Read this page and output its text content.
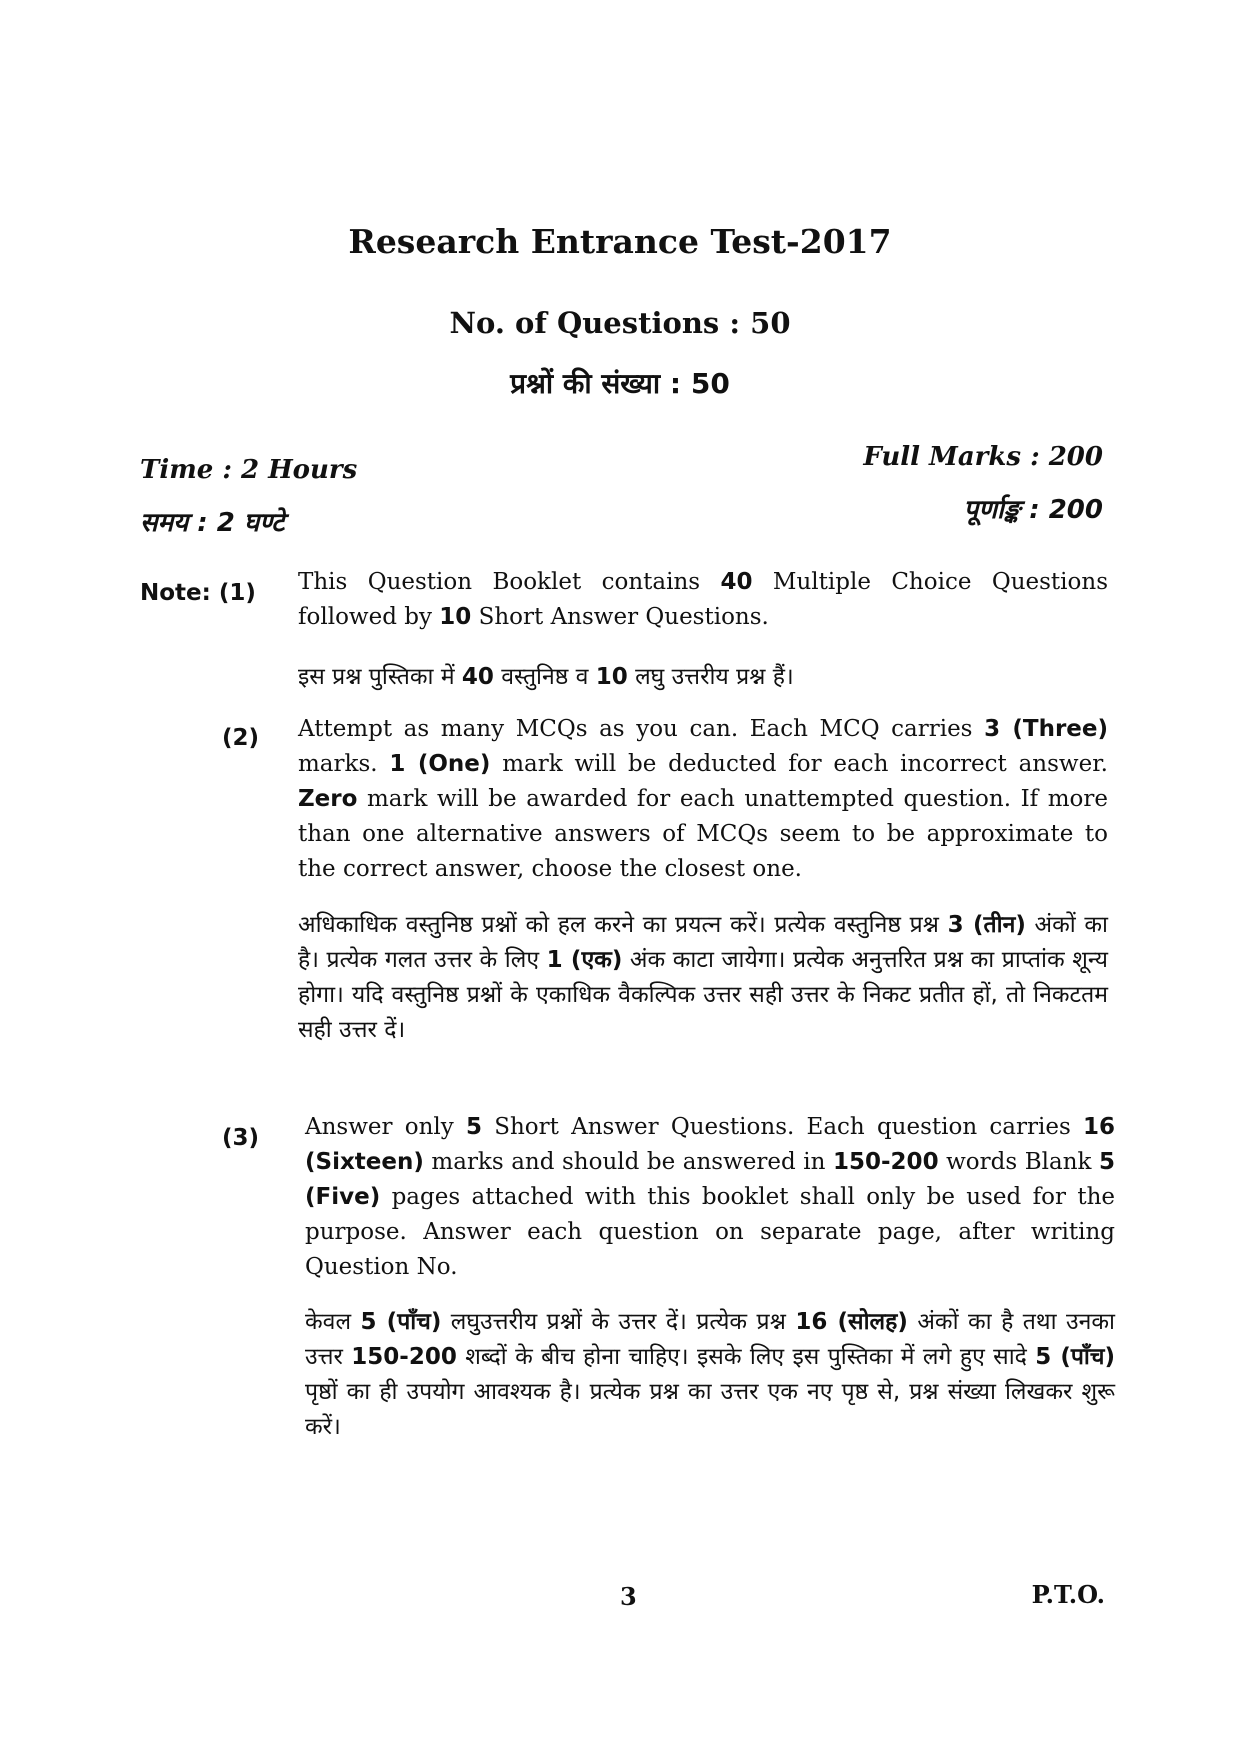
Research Entrance Test-2017
No. of Questions : 50
प्रश्नों की संख्या : 50
Time : 2 Hours
समय : 2 घण्टे
Full Marks : 200
पूर्णाङ्क : 200
Note: (1) This Question Booklet contains 40 Multiple Choice Questions followed by 10 Short Answer Questions.
इस प्रश्न पुस्तिका में 40 वस्तुनिष्ठ व 10 लघु उत्तरीय प्रश्न हैं।
(2) Attempt as many MCQs as you can. Each MCQ carries 3 (Three) marks. 1 (One) mark will be deducted for each incorrect answer. Zero mark will be awarded for each unattempted question. If more than one alternative answers of MCQs seem to be approximate to the correct answer, choose the closest one.
अधिकाधिक वस्तुनिष्ठ प्रश्नों को हल करने का प्रयत्न करें। प्रत्येक वस्तुनिष्ठ प्रश्न 3 (तीन) अंकों का है। प्रत्येक गलत उत्तर के लिए 1 (एक) अंक काटा जायेगा। प्रत्येक अनुत्तरित प्रश्न का प्राप्तांक शून्य होगा। यदि वस्तुनिष्ठ प्रश्नों के एकाधिक वैकल्पिक उत्तर सही उत्तर के निकट प्रतीत हों, तो निकटतम सही उत्तर दें।
(3) Answer only 5 Short Answer Questions. Each question carries 16 (Sixteen) marks and should be answered in 150-200 words Blank 5 (Five) pages attached with this booklet shall only be used for the purpose. Answer each question on separate page, after writing Question No.
केवल 5 (पाँच) लघुउत्तरीय प्रश्नों के उत्तर दें। प्रत्येक प्रश्न 16 (सोलह) अंकों का है तथा उनका उत्तर 150-200 शब्दों के बीच होना चाहिए। इसके लिए इस पुस्तिका में लगे हुए सादे 5 (पाँच) पृष्ठों का ही उपयोग आवश्यक है। प्रत्येक प्रश्न का उत्तर एक नए पृष्ठ से, प्रश्न संख्या लिखकर शुरू करें।
3	P.T.O.
